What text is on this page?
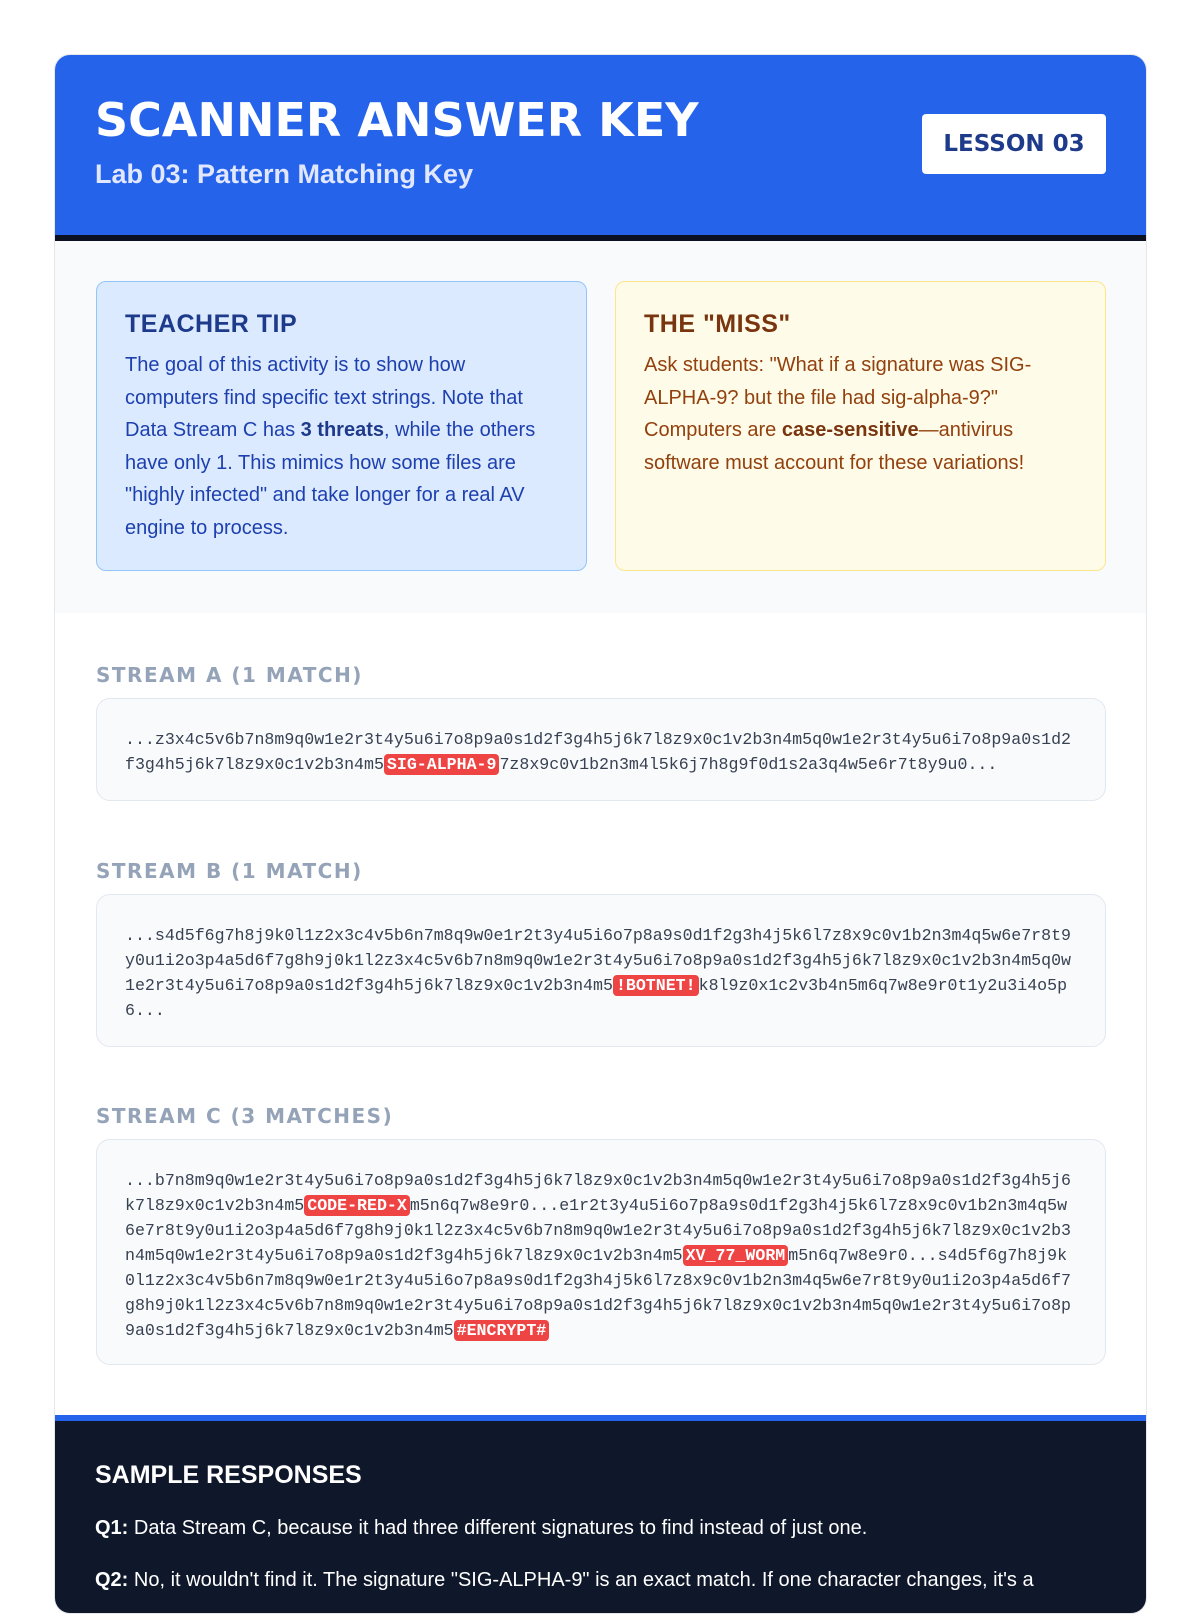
SCANNER ANSWER KEY
Lab 03: Pattern Matching Key
LESSON 03
TEACHER TIP
The goal of this activity is to show how computers find specific text strings. Note that Data Stream C has 3 threats, while the others have only 1. This mimics how some files are "highly infected" and take longer for a real AV engine to process.
THE "MISS"
Ask students: "What if a signature was SIG-ALPHA-9? but the file had sig-alpha-9?" Computers are case-sensitive—antivirus software must account for these variations!
STREAM A (1 MATCH)
...z3x4c5v6b7n8m9q0w1e2r3t4y5u6i7o8p9a0s1d2f3g4h5j6k7l8z9x0c1v2b3n4m5q0w1e2r3t4y5u6i7o8p9a0s1d2f3g4h5j6k7l8z9x0c1v2b3n4m5 SIG-ALPHA-9 7z8x9c0v1b2n3m4l5k6j7h8g9f0d1s2a3q4w5e6r7t8y9u0...
STREAM B (1 MATCH)
...s4d5f6g7h8j9k0l1z2x3c4v5b6n7m8q9w0e1r2t3y4u5i6o7p8a9s0d1f2g3h4j5k6l7z8x9c0v1b2n3m4q5w6e7r8t9y0u1i2o3p4a5d6f7g8h9j0k1l2z3x4c5v6b7n8m9q0w1e2r3t4y5u6i7o8p9a0s1d2f3g4h5j6k7l8z9x0c1v2b3n4m5q0w1e2r3t4y5u6i7o8p9a0s1d2f3g4h5j6k7l8z9x0c1v2b3n4m5 !BOTNET! k8l9z0x1c2v3b4n5m6q7w8e9r0t1y2u3i4o5p6...
STREAM C (3 MATCHES)
...b7n8m9q0w1e2r3t4y5u6i7o8p9a0s1d2f3g4h5j6k7l8z9x0c1v2b3n4m5q0w1e2r3t4y5u6i7o8p9a0s1d2f3g4h5j6k7l8z9x0c1v2b3n4m5 CODE-RED-X m5n6q7w8e9r0...e1r2t3y4u5i6o7p8a9s0d1f2g3h4j5k6l7z8x9c0v1b2n3m4q5w6e7r8t9y0u1i2o3p4a5d6f7g8h9j0k1l2z3x4c5v6b7n8m9q0w1e2r3t4y5u6i7o8p9a0s1d2f3g4h5j6k7l8z9x0c1v2b3n4m5q0w1e2r3t4y5u6i7o8p9a0s1d2f3g4h5j6k7l8z9x0c1v2b3n4m5 XV_77_WORM m5n6q7w8e9r0...s4d5f6g7h8j9k0l1z2x3c4v5b6n7m8q9w0e1r2t3y4u5i6o7p8a9s0d1f2g3h4j5k6l7z8x9c0v1b2n3m4q5w6e7r8t9y0u1i2o3p4a5d6f7g8h9j0k1l2z3x4c5v6b7n8m9q0w1e2r3t4y5u6i7o8p9a0s1d2f3g4h5j6k7l8z9x0c1v2b3n4m5q0w1e2r3t4y5u6i7o8p9a0s1d2f3g4h5j6k7l8z9x0c1v2b3n4m5 #ENCRYPT#
SAMPLE RESPONSES
Q1: Data Stream C, because it had three different signatures to find instead of just one.
Q2: No, it wouldn't find it. The signature "SIG-ALPHA-9" is an exact match. If one character changes, it's a
